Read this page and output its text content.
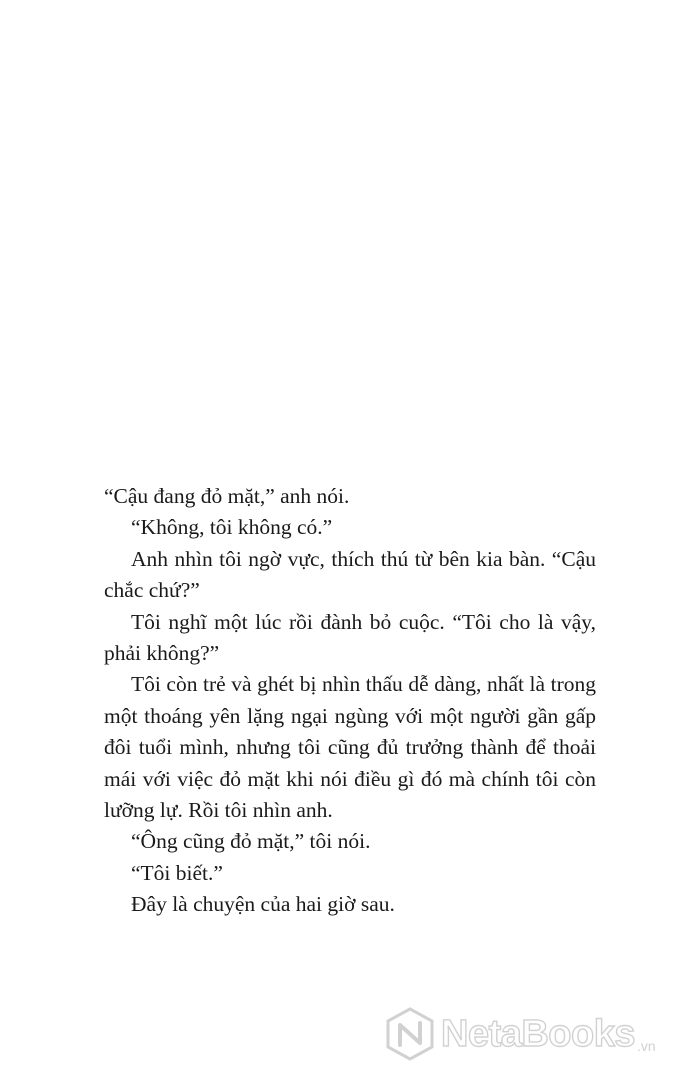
“Cậu đang đỏ mặt,” anh nói.

“Không, tôi không có.”

Anh nhìn tôi ngờ vực, thích thú từ bên kia bàn. “Cậu chắc chứ?”

Tôi nghĩ một lúc rồi đành bỏ cuộc. “Tôi cho là vậy, phải không?”

Tôi còn trẻ và ghét bị nhìn thấu dễ dàng, nhất là trong một thoáng yên lặng ngại ngùng với một người gần gấp đôi tuổi mình, nhưng tôi cũng đủ trưởng thành để thoải mái với việc đỏ mặt khi nói điều gì đó mà chính tôi còn lưỡng lự. Rồi tôi nhìn anh.

“Ông cũng đỏ mặt,” tôi nói.

“Tôi biết.”

Đây là chuyện của hai giờ sau.

NetaBooks .vn
